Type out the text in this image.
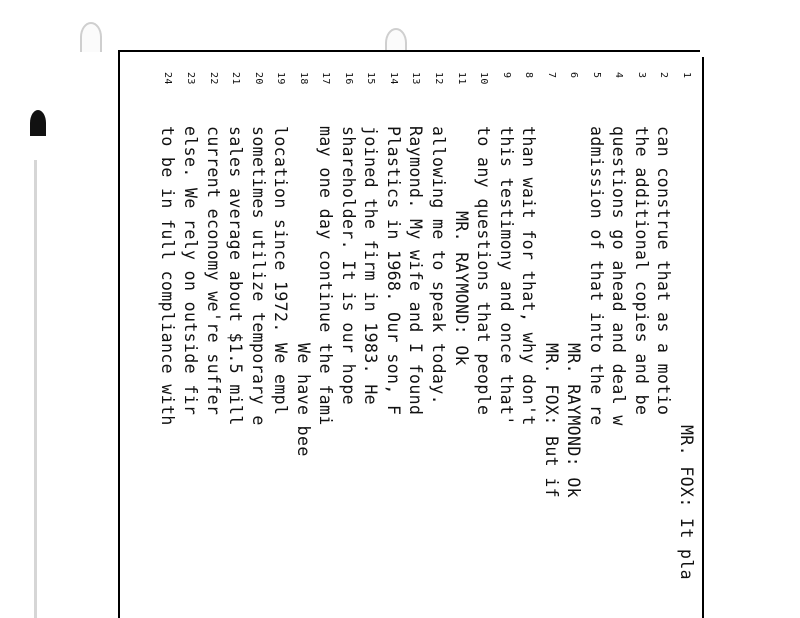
1
MR. FOX: It pla
2
can construe that as a motio
3
the additional copies and be
4
questions go ahead and deal w
5
admission of that into the re
6
MR. RAYMOND: Ok
7
MR. FOX: But if
8
than wait for that, why don't
9
this testimony and once that'
10
to any questions that people
11
MR. RAYMOND: Ok
12
allowing me to speak today.
13
Raymond. My wife and I found
14
Plastics in 1968. Our son, F
15
joined the firm in 1983. He
16
shareholder. It is our hope
17
may one day continue the fami
18
We have bee
19
location since 1972. We empl
20
sometimes utilize temporary e
21
sales average about $1.5 mill
22
current economy we're suffer
23
else. We rely on outside fir
24
to be in full compliance with
